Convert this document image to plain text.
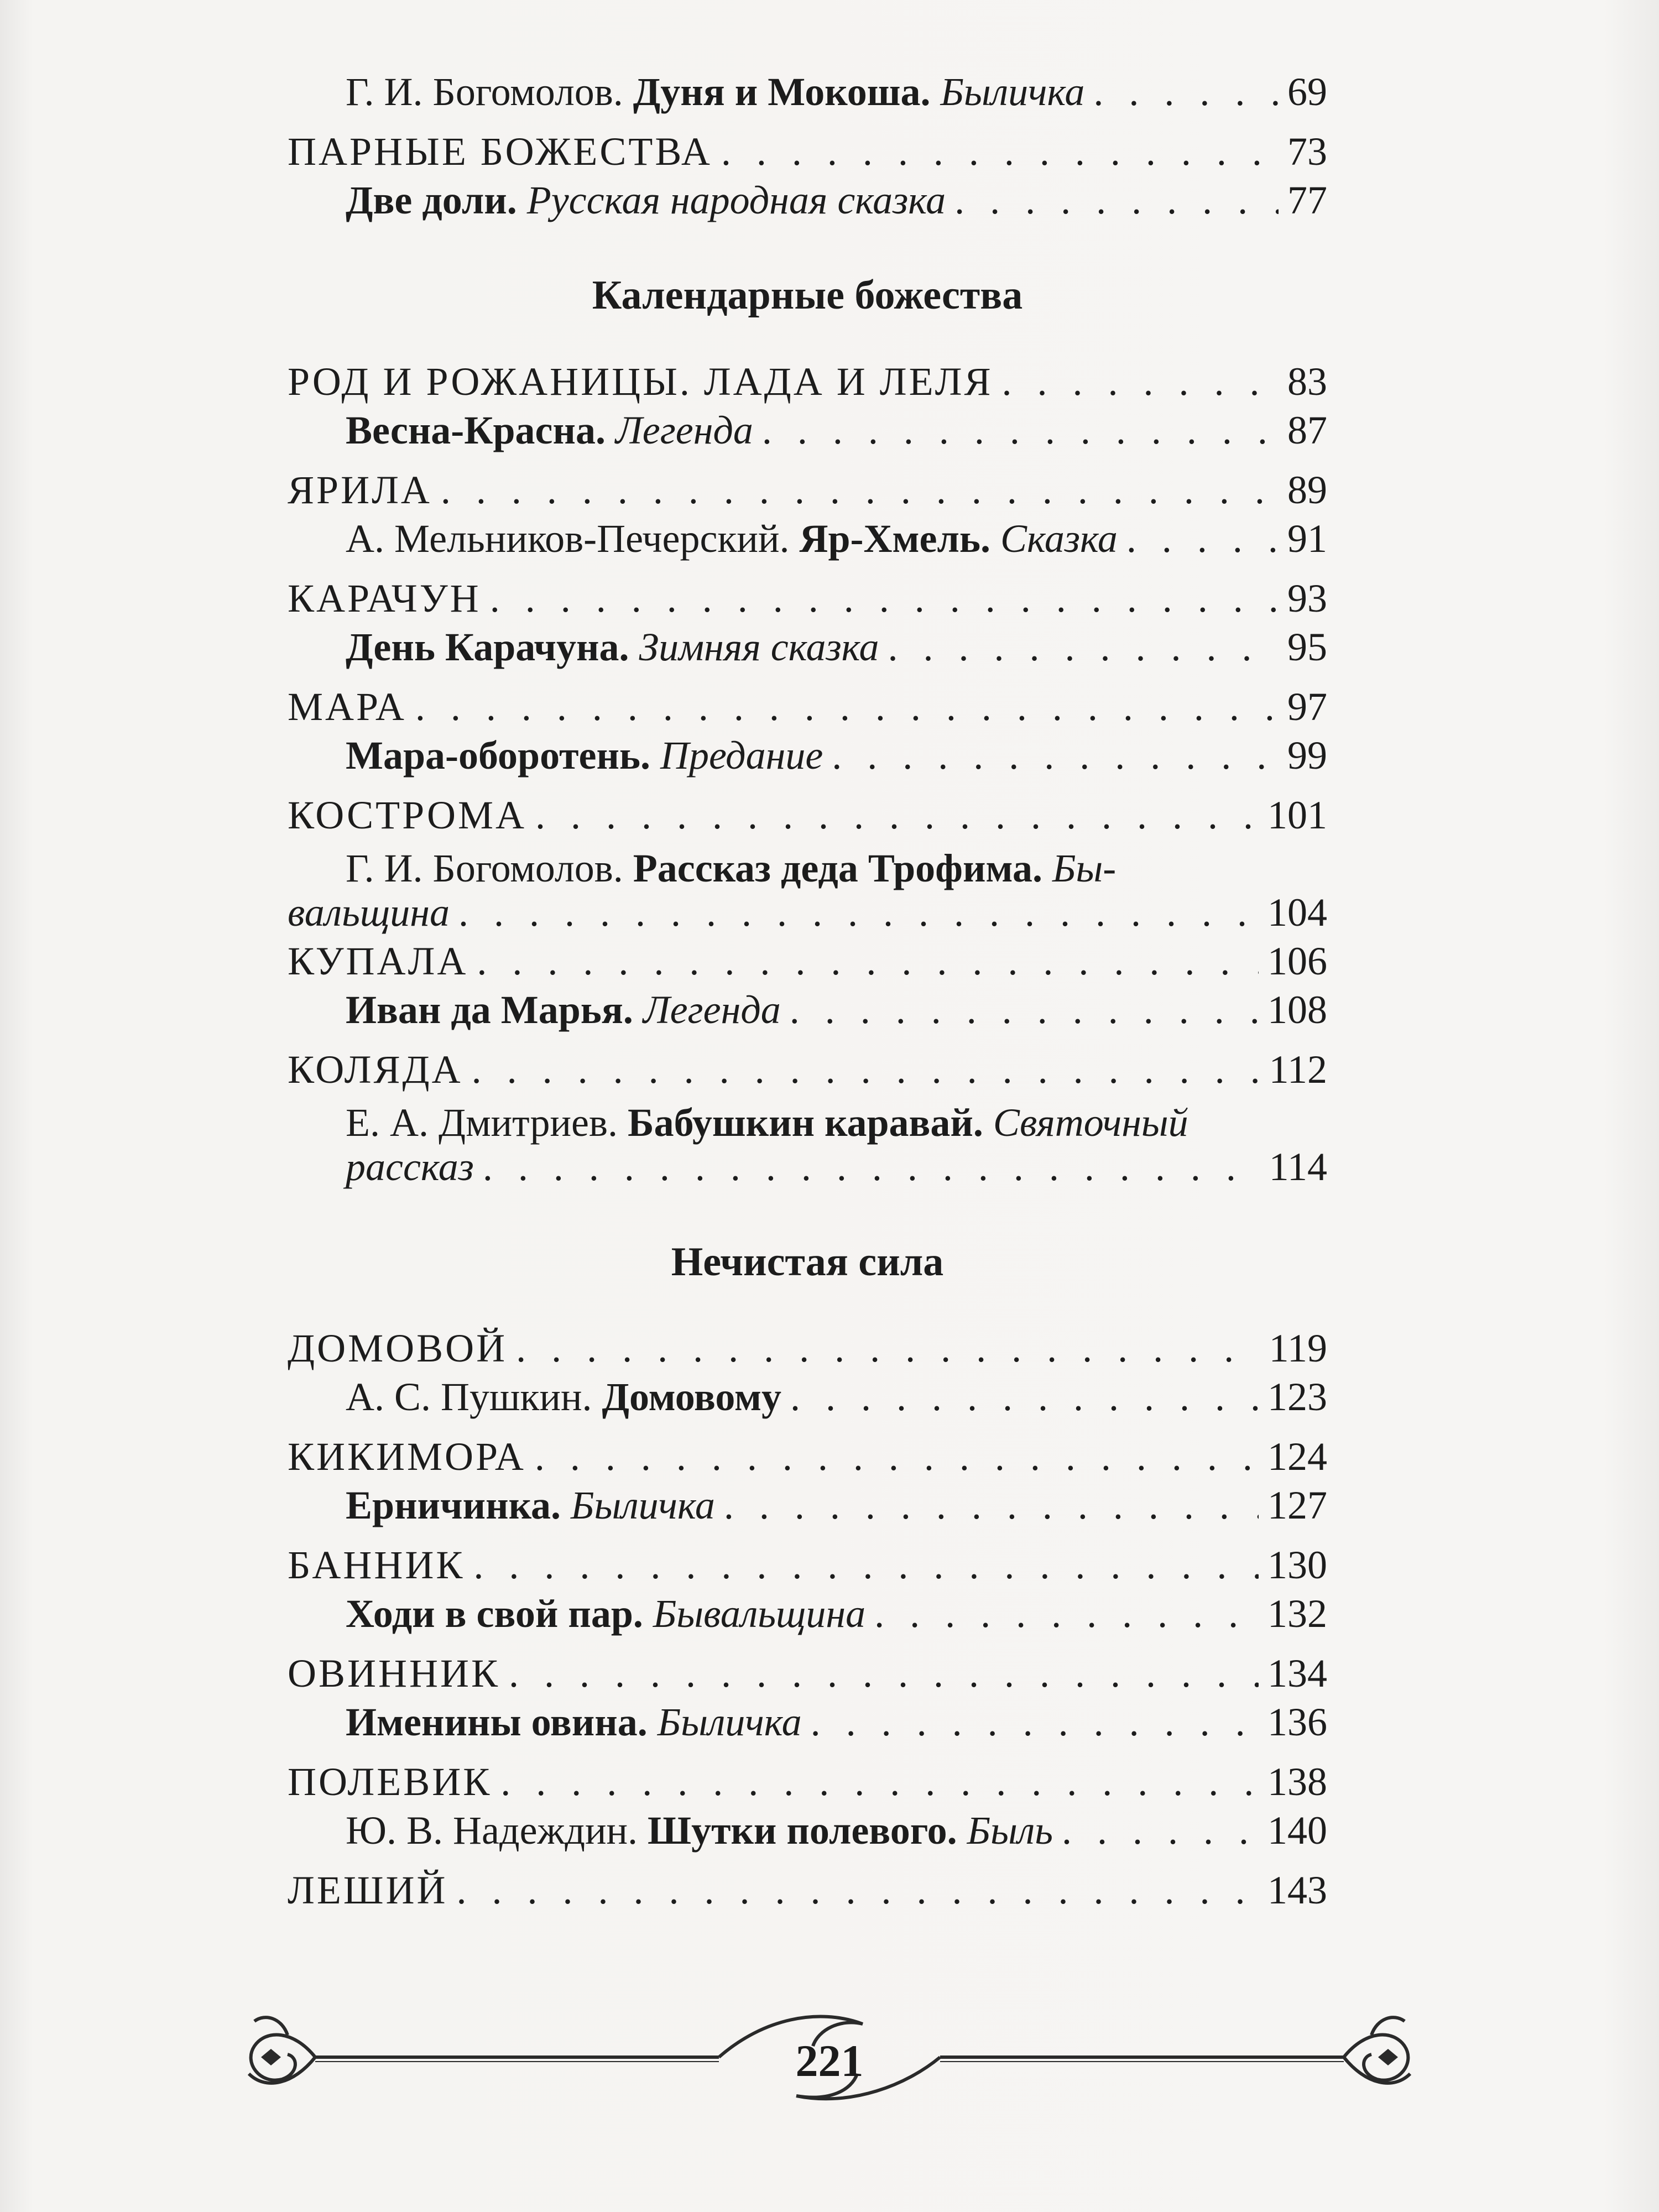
Г. И. Богомолов. Дуня и Мокоша. Быличка . . .	69
ПАРНЫЕ БОЖЕСТВА . . .	73
Две доли. Русская народная сказка . . .	77
Календарные божества
РОД И РОЖАНИЦЫ. ЛАДА И ЛЕЛЯ . . .	83
Весна-Красна. Легенда . . .	87
ЯРИЛА . . .	89
А. Мельников-Печерский. Яр-Хмель. Сказка . . .	91
КАРАЧУН . . .	93
День Карачуна. Зимняя сказка . . .	95
МАРА . . .	97
Мара-оборотень. Предание . . .	99
КОСТРОМА . . .	101
Г. И. Богомолов. Рассказ деда Трофима. Бы-
вальщина . . .	104
КУПАЛА . . .	106
Иван да Марья. Легенда . . .	108
КОЛЯДА . . .	112
Е. А. Дмитриев. Бабушкин каравай. Святочный
рассказ . . .	114
Нечистая сила
ДОМОВОЙ . . .	119
А. С. Пушкин. Домовому . . .	123
КИКИМОРА . . .	124
Ерничинка. Быличка . . .	127
БАННИК . . .	130
Ходи в свой пар. Бывальщина . . .	132
ОВИННИК . . .	134
Именины овина. Быличка . . .	136
ПОЛЕВИК . . .	138
Ю. В. Надеждин. Шутки полевого. Быль . . .	140
ЛЕШИЙ . . .	143
221
